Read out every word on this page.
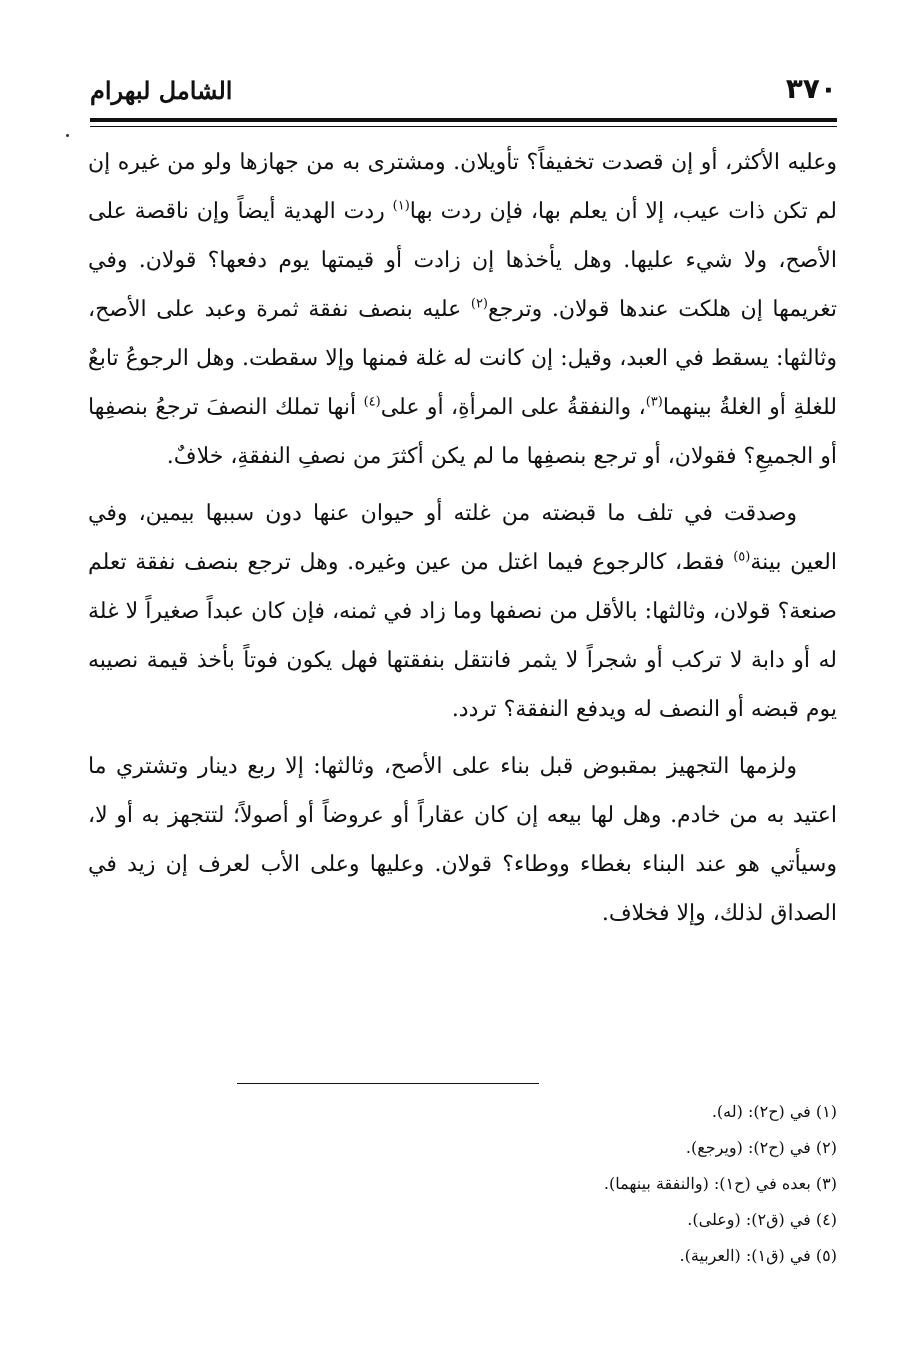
٣٧٠
الشامل لبهرام

وعليه الأكثر، أو إن قصدت تخفيفاً؟ تأويلان. ومشترى به من جهازها ولو من غيره إن لم تكن ذات عيب، إلا أن يعلم بها، فإن ردت بها$^{(١)}$ ردت الهدية أيضاً وإن ناقصة على الأصح، ولا شيء عليها. وهل يأخذها إن زادت أو قيمتها يوم دفعها؟ قولان. وفي تغريمها إن هلكت عندها قولان. وترجع$^{(٢)}$ عليه بنصف نفقة ثمرة وعبد على الأصح، وثالثها: يسقط في العبد، وقيل: إن كانت له غلة فمنها وإلا سقطت. وهل الرجوعُ تابعٌ للغلةِ أو الغلةُ بينهما$^{(٣)}$، والنفقةُ على المرأةِ، أو على$^{(٤)}$ أنها تملك النصفَ ترجعُ بنصفِها أو الجميعِ؟ فقولان، أو ترجع بنصفِها ما لم يكن أكثرَ من نصفِ النفقةِ، خلافٌ.

وصدقت في تلف ما قبضته من غلته أو حيوان عنها دون سببها بيمين، وفي العين بينة$^{(٥)}$ فقط، كالرجوع فيما اغتل من عين وغيره. وهل ترجع بنصف نفقة تعلم صنعة؟ قولان، وثالثها: بالأقل من نصفها وما زاد في ثمنه، فإن كان عبداً صغيراً لا غلة له أو دابة لا تركب أو شجراً لا يثمر فانتقل بنفقتها فهل يكون فوتاً بأخذ قيمة نصيبه يوم قبضه أو النصف له ويدفع النفقة؟ تردد.

ولزمها التجهيز بمقبوض قبل بناء على الأصح، وثالثها: إلا ربع دينار وتشتري ما اعتيد به من خادم. وهل لها بيعه إن كان عقاراً أو عروضاً أو أصولاً؛ لتتجهز به أو لا، وسيأتي هو عند البناء بغطاء ووطاء؟ قولان. وعليها وعلى الأب لعرف إن زيد في الصداق لذلك، وإلا فخلاف.

(١) في (ح٢): (له).
(٢) في (ح٢): (ويرجع).
(٣) بعده في (ح١): (والنفقة بينهما).
(٤) في (ق٢): (وعلى).
(٥) في (ق١): (العربية).
